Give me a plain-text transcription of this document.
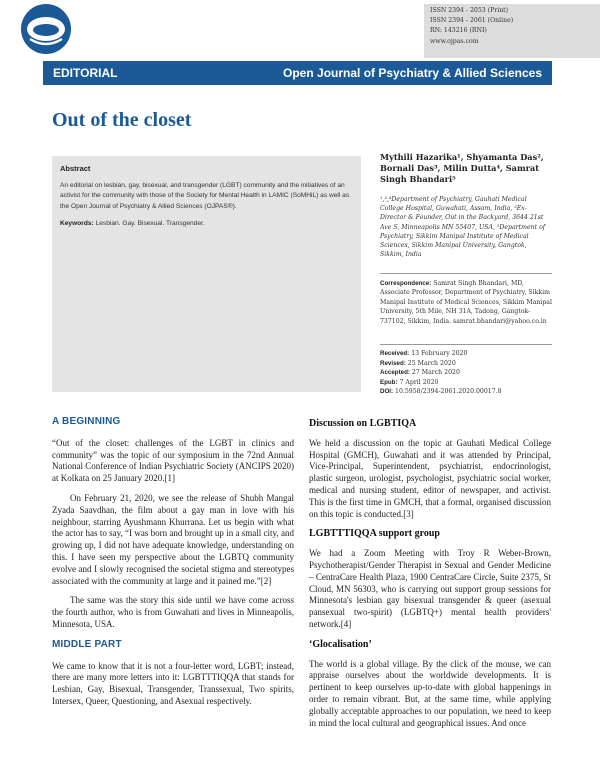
ISSN 2394 - 2053 (Print)
ISSN 2394 - 2061 (Online)
RN: 143216 (RNI)
www.ojpas.com
EDITORIAL	Open Journal of Psychiatry & Allied Sciences
Out of the closet
Abstract
An editorial on lesbian, gay, bisexual, and transgender (LGBT) community and the initiatives of an activist for the community with those of the Society for Mental Health in LAMIC (SoMHiL) as well as the Open Journal of Psychiatry & Allied Sciences (OJPAS®).
Keywords: Lesbian. Gay. Bisexual. Transgender.
Mythili Hazarika¹, Shyamanta Das², Bornali Das³, Milin Dutta⁴, Samrat Singh Bhandari⁵
¹,²,⁴Department of Psychiatry, Gauhati Medical College Hospital, Guwahati, Assam, India, ³Ex-Director & Founder, Out in the Backyard, 3644 21st Ave S, Minneapolis MN 55407, USA, ⁵Department of Psychiatry, Sikkim Manipal Institute of Medical Sciences, Sikkim Manipal University, Gangtok, Sikkim, India
Correspondence: Samrat Singh Bhandari, MD, Associate Professor, Department of Psychiatry, Sikkim Manipal Institute of Medical Sciences, Sikkim Manipal University, 5th Mile, NH 31A, Tadong, Gangtok-737102, Sikkim, India. samrat.bhandari@yahoo.co.in
Received: 13 February 2020
Revised: 25 March 2020
Accepted: 27 March 2020
Epub: 7 April 2020
DOI: 10.5958/2394-2061.2020.00017.8
A BEGINNING

“Out of the closet: challenges of the LGBT in clinics and community” was the topic of our symposium in the 72nd Annual National Conference of Indian Psychiatric Society (ANCIPS 2020) at Kolkata on 25 January 2020.[1]

On February 21, 2020, we see the release of Shubh Mangal Zyada Saavdhan, the film about a gay man in love with his neighbour, starring Ayushmann Khurrana. Let us begin with what the actor has to say, “I was born and brought up in a small city, and growing up, I did not have adequate knowledge, understanding on this. I have seen my perspective about the LGBTQ community evolve and I slowly recognised the societal stigma and stereotypes associated with the community at large and it pained me.”[2]

The same was the story this side until we have come across the fourth author, who is from Guwahati and lives in Minneapolis, Minnesota, USA.

MIDDLE PART

We came to know that it is not a four-letter word, LGBT; instead, there are many more letters into it: LGBTTTIQQA that stands for Lesbian, Gay, Bisexual, Transgender, Transsexual, Two spirits, Intersex, Queer, Questioning, and Asexual respectively.

Discussion on LGBTIQA

We held a discussion on the topic at Gauhati Medical College Hospital (GMCH), Guwahati and it was attended by Principal, Vice-Principal, Superintendent, psychiatrist, endocrinologist, plastic surgeon, urologist, psychologist, psychiatric social worker, medical and nursing student, editor of newspaper, and activist. This is the first time in GMCH, that a formal, organised discussion on this topic is conducted.[3]

LGBTTTIQQA support group

We had a Zoom Meeting with Troy R Weber-Brown, Psychotherapist/Gender Therapist in Sexual and Gender Medicine – CentraCare Health Plaza, 1900 CentraCare Circle, Suite 2375, St Cloud, MN 56303, who is carrying out support group sessions for Minnesota's lesbian gay bisexual transgender & queer (asexual pansexual two-spirit) (LGBTQ+) mental health providers' network.[4]

‘Glocalisation’

The world is a global village. By the click of the mouse, we can appraise ourselves about the worldwide developments. It is pertinent to keep ourselves up-to-date with global happenings in order to remain vibrant. But, at the same time, while applying globally acceptable approaches to our population, we need to keep in mind the local cultural and geographical issues. And once
